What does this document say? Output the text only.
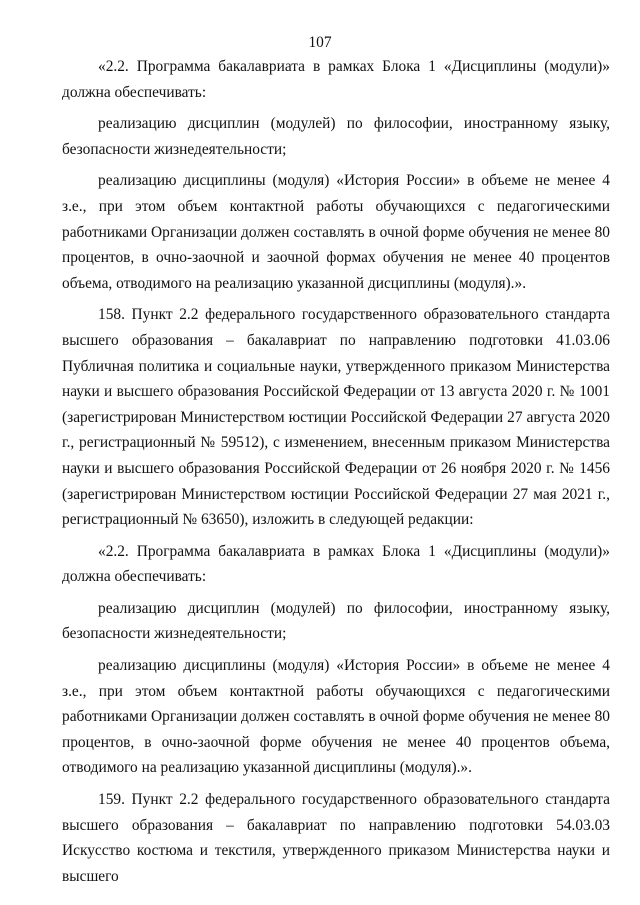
107

«2.2. Программа бакалавриата в рамках Блока 1 «Дисциплины (модули)» должна обеспечивать:

реализацию дисциплин (модулей) по философии, иностранному языку, безопасности жизнедеятельности;

реализацию дисциплины (модуля) «История России» в объеме не менее 4 з.е., при этом объем контактной работы обучающихся с педагогическими работниками Организации должен составлять в очной форме обучения не менее 80 процентов, в очно-заочной и заочной формах обучения не менее 40 процентов объема, отводимого на реализацию указанной дисциплины (модуля).».

158. Пункт 2.2 федерального государственного образовательного стандарта высшего образования – бакалавриат по направлению подготовки 41.03.06 Публичная политика и социальные науки, утвержденного приказом Министерства науки и высшего образования Российской Федерации от 13 августа 2020 г. № 1001 (зарегистрирован Министерством юстиции Российской Федерации 27 августа 2020 г., регистрационный № 59512), с изменением, внесенным приказом Министерства науки и высшего образования Российской Федерации от 26 ноября 2020 г. № 1456 (зарегистрирован Министерством юстиции Российской Федерации 27 мая 2021 г., регистрационный № 63650), изложить в следующей редакции:

«2.2. Программа бакалавриата в рамках Блока 1 «Дисциплины (модули)» должна обеспечивать:

реализацию дисциплин (модулей) по философии, иностранному языку, безопасности жизнедеятельности;

реализацию дисциплины (модуля) «История России» в объеме не менее 4 з.е., при этом объем контактной работы обучающихся с педагогическими работниками Организации должен составлять в очной форме обучения не менее 80 процентов, в очно-заочной форме обучения не менее 40 процентов объема, отводимого на реализацию указанной дисциплины (модуля).».

159. Пункт 2.2 федерального государственного образовательного стандарта высшего образования – бакалавриат по направлению подготовки 54.03.03 Искусство костюма и текстиля, утвержденного приказом Министерства науки и высшего
